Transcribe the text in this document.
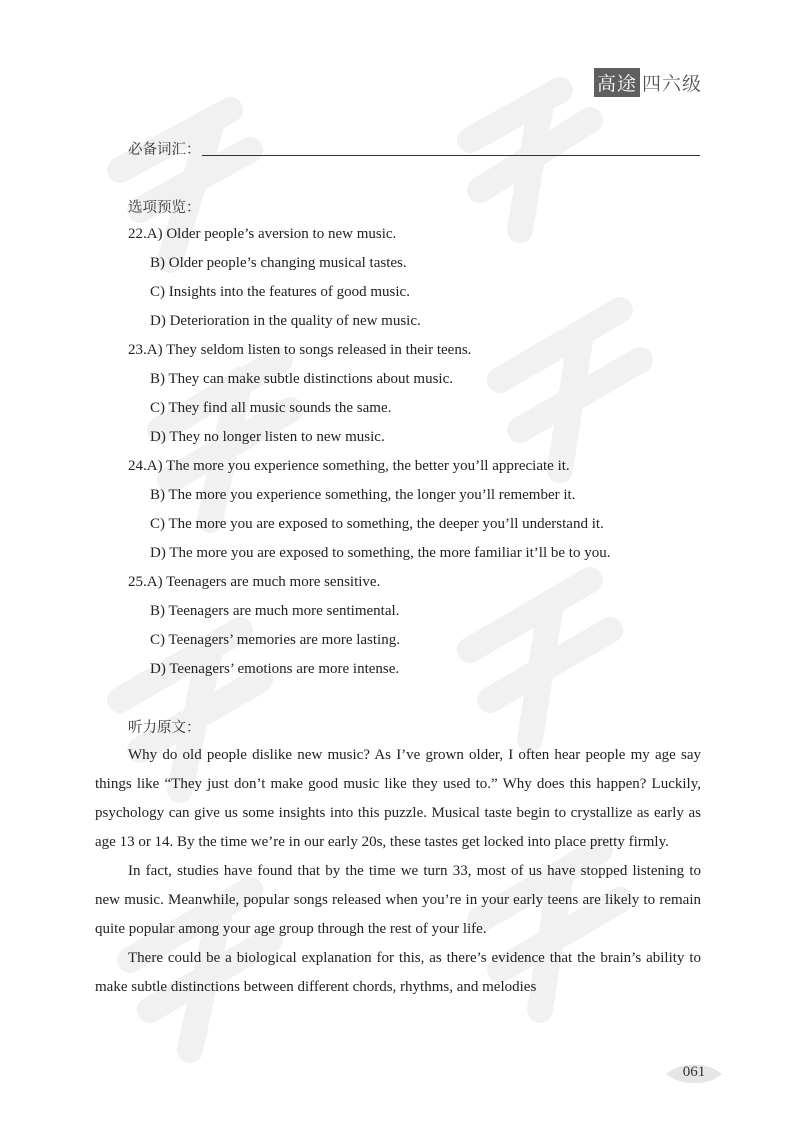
高途 四六级
必备词汇：
选项预览：
22.A) Older people’s aversion to new music.
B) Older people’s changing musical tastes.
C) Insights into the features of good music.
D) Deterioration in the quality of new music.
23.A) They seldom listen to songs released in their teens.
B) They can make subtle distinctions about music.
C) They find all music sounds the same.
D) They no longer listen to new music.
24.A) The more you experience something, the better you’ll appreciate it.
B) The more you experience something, the longer you’ll remember it.
C) The more you are exposed to something, the deeper you’ll understand it.
D) The more you are exposed to something, the more familiar it’ll be to you.
25.A) Teenagers are much more sensitive.
B) Teenagers are much more sentimental.
C) Teenagers’ memories are more lasting.
D) Teenagers’ emotions are more intense.
听力原文：

Why do old people dislike new music? As I’ve grown older, I often hear people my age say things like “They just don’t make good music like they used to.” Why does this happen? Luckily, psychology can give us some insights into this puzzle. Musical taste begin to crystallize as early as age 13 or 14. By the time we’re in our early 20s, these tastes get locked into place pretty firmly.

In fact, studies have found that by the time we turn 33, most of us have stopped listening to new music. Meanwhile, popular songs released when you’re in your early teens are likely to remain quite popular among your age group through the rest of your life.

There could be a biological explanation for this, as there’s evidence that the brain’s ability to make subtle distinctions between different chords, rhythms, and melodies

061
